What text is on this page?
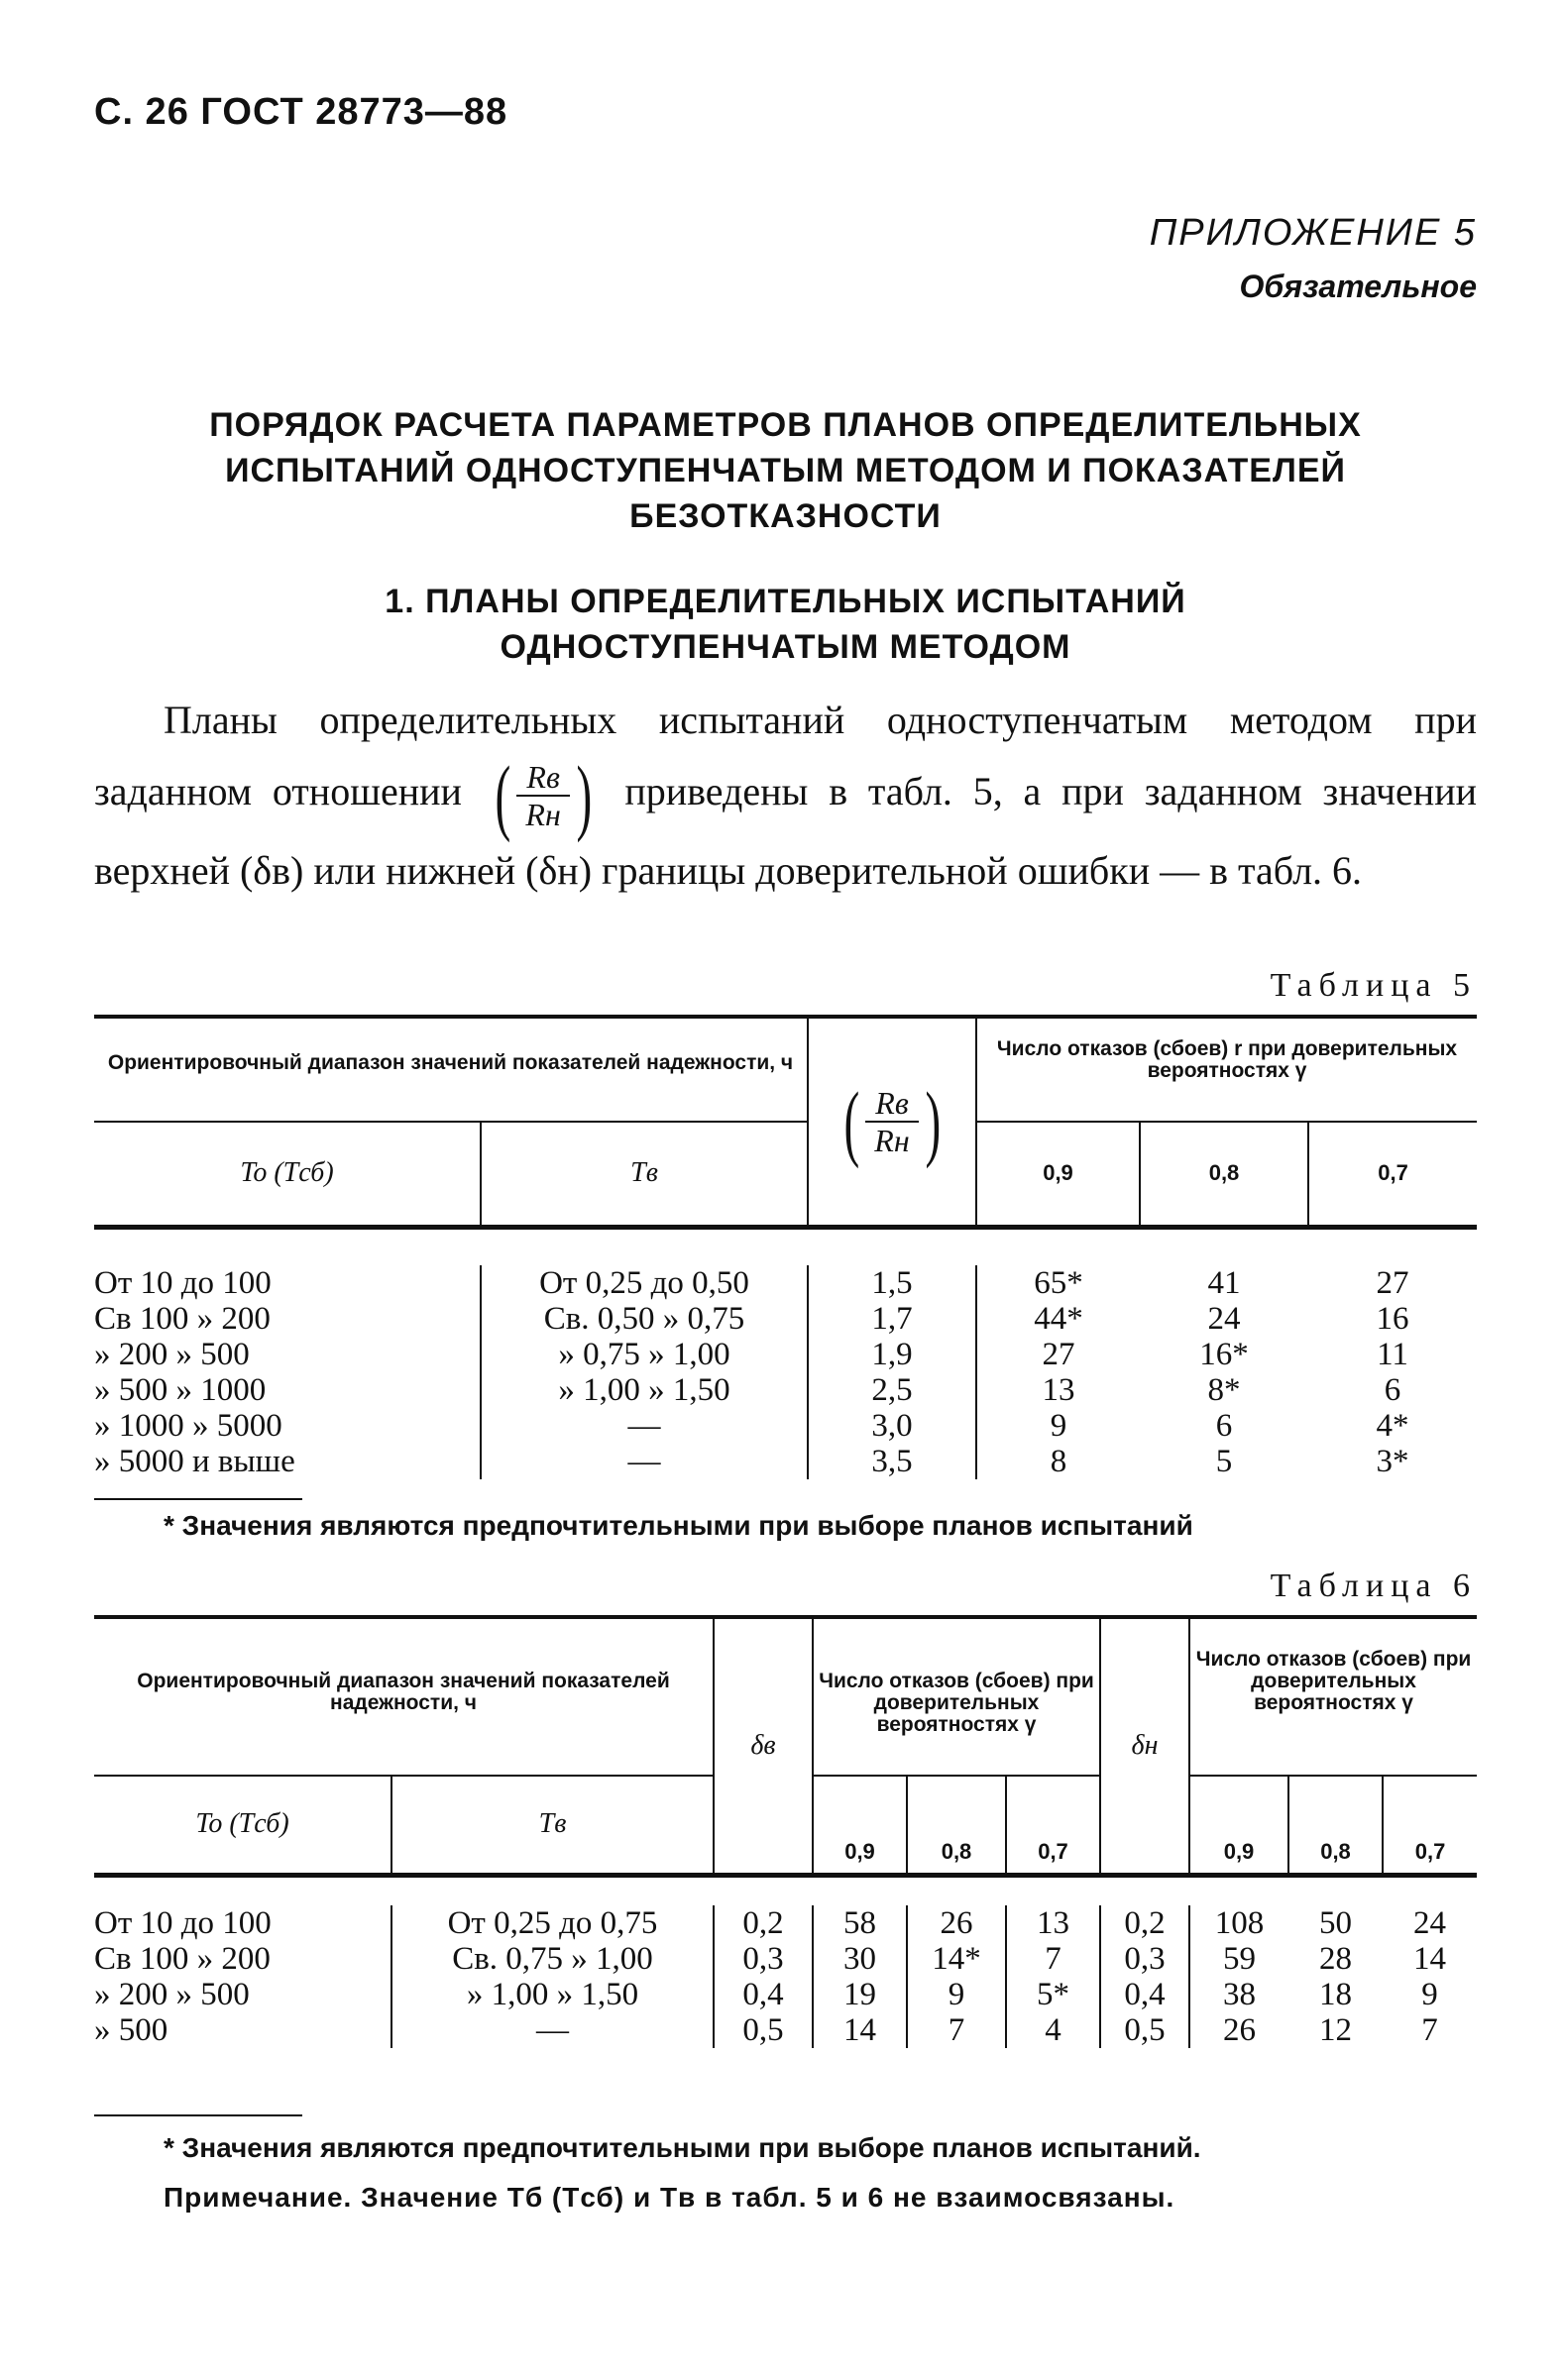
С. 26 ГОСТ 28773—88
ПРИЛОЖЕНИЕ 5
Обязательное
ПОРЯДОК РАСЧЕТА ПАРАМЕТРОВ ПЛАНОВ ОПРЕДЕЛИТЕЛЬНЫХ
ИСПЫТАНИЙ ОДНОСТУПЕНЧАТЫМ МЕТОДОМ И ПОКАЗАТЕЛЕЙ
БЕЗОТКАЗНОСТИ
1. ПЛАНЫ ОПРЕДЕЛИТЕЛЬНЫХ ИСПЫТАНИЙ
ОДНОСТУПЕНЧАТЫМ МЕТОДОМ
Планы определительных испытаний одноступенчатым методом при заданном отношении ( $\frac{Rв}{Rн}$ ) приведены в табл. 5, а при заданном значении верхней (δв) или нижней (δн) границы доверительной ошибки — в табл. 6.
Таблица 5
Ориентировочный диапазон значений показателей надежности, ч		( $\frac{Rв}{Rн}$ )	Число отказов (сбоев) r при доверительных вероятностях γ		
To (Tсб)	Tв		0,9	0,8	0,7

От 10 до 100	От 0,25 до 0,50	1,5	65*	41	27
Св 100 » 200	Св. 0,50 » 0,75	1,7	44*	24	16
» 200 » 500	» 0,75 » 1,00	1,9	27	16*	11
» 500 » 1000	» 1,00 » 1,50	2,5	13	8*	6
» 1000 » 5000	—	3,0	9	6	4*
» 5000 и выше	—	3,5	8	5	3*

* Значения являются предпочтительными при выборе планов испытаний
Таблица 6
Ориентировочный диапазон значений показателей надежности, ч		δв	Число отказов (сбоев) при доверительных вероятностях γ			δн	Число отказов (сбоев) при доверительных вероятностях γ		
To (Tсб)	Tв		0,9	0,8	0,7		0,9	0,8	0,7

От 10 до 100	От 0,25 до 0,75	0,2	58	26	13	0,2	108	50	24
Св 100 » 200	Св. 0,75 » 1,00	0,3	30	14*	7	0,3	59	28	14
» 200 » 500	» 1,00 » 1,50	0,4	19	9	5*	0,4	38	18	9
» 500	—	0,5	14	7	4	0,5	26	12	7

* Значения являются предпочтительными при выборе планов испытаний.
Примечание. Значение Tб (Tсб) и Tв в табл. 5 и 6 не взаимосвязаны.
